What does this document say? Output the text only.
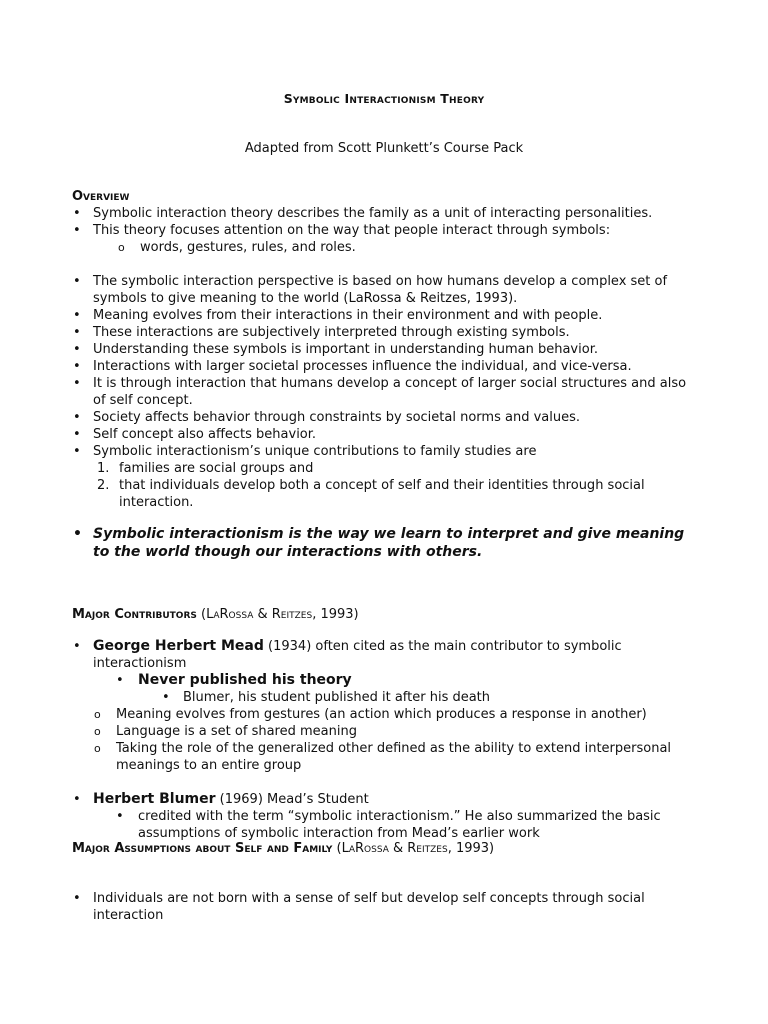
Symbolic Interactionism Theory
Adapted from Scott Plunkett’s Course Pack
Overview
• Symbolic interaction theory describes the family as a unit of interacting personalities.
• This theory focuses attention on the way that people interact through symbols:
o words, gestures, rules, and roles.
• The symbolic interaction perspective is based on how humans develop a complex set of symbols to give meaning to the world (LaRossa & Reitzes, 1993).
• Meaning evolves from their interactions in their environment and with people.
• These interactions are subjectively interpreted through existing symbols.
• Understanding these symbols is important in understanding human behavior.
• Interactions with larger societal processes influence the individual, and vice-versa.
• It is through interaction that humans develop a concept of larger social structures and also of self concept.
• Society affects behavior through constraints by societal norms and values.
• Self concept also affects behavior.
• Symbolic interactionism’s unique contributions to family studies are
1. families are social groups and
2. that individuals develop both a concept of self and their identities through social interaction.
• Symbolic interactionism is the way we learn to interpret and give meaning to the world though our interactions with others.
Major Contributors (LaRossa & Reitzes, 1993)
• George Herbert Mead (1934) often cited as the main contributor to symbolic interactionism
• Never published his theory
• Blumer, his student published it after his death
o Meaning evolves from gestures (an action which produces a response in another)
o Language is a set of shared meaning
o Taking the role of the generalized other defined as the ability to extend interpersonal meanings to an entire group
• Herbert Blumer (1969) Mead’s Student
• credited with the term “symbolic interactionism.” He also summarized the basic assumptions of symbolic interaction from Mead’s earlier work
Major Assumptions about Self and Family (LaRossa & Reitzes, 1993)
• Individuals are not born with a sense of self but develop self concepts through social interaction
